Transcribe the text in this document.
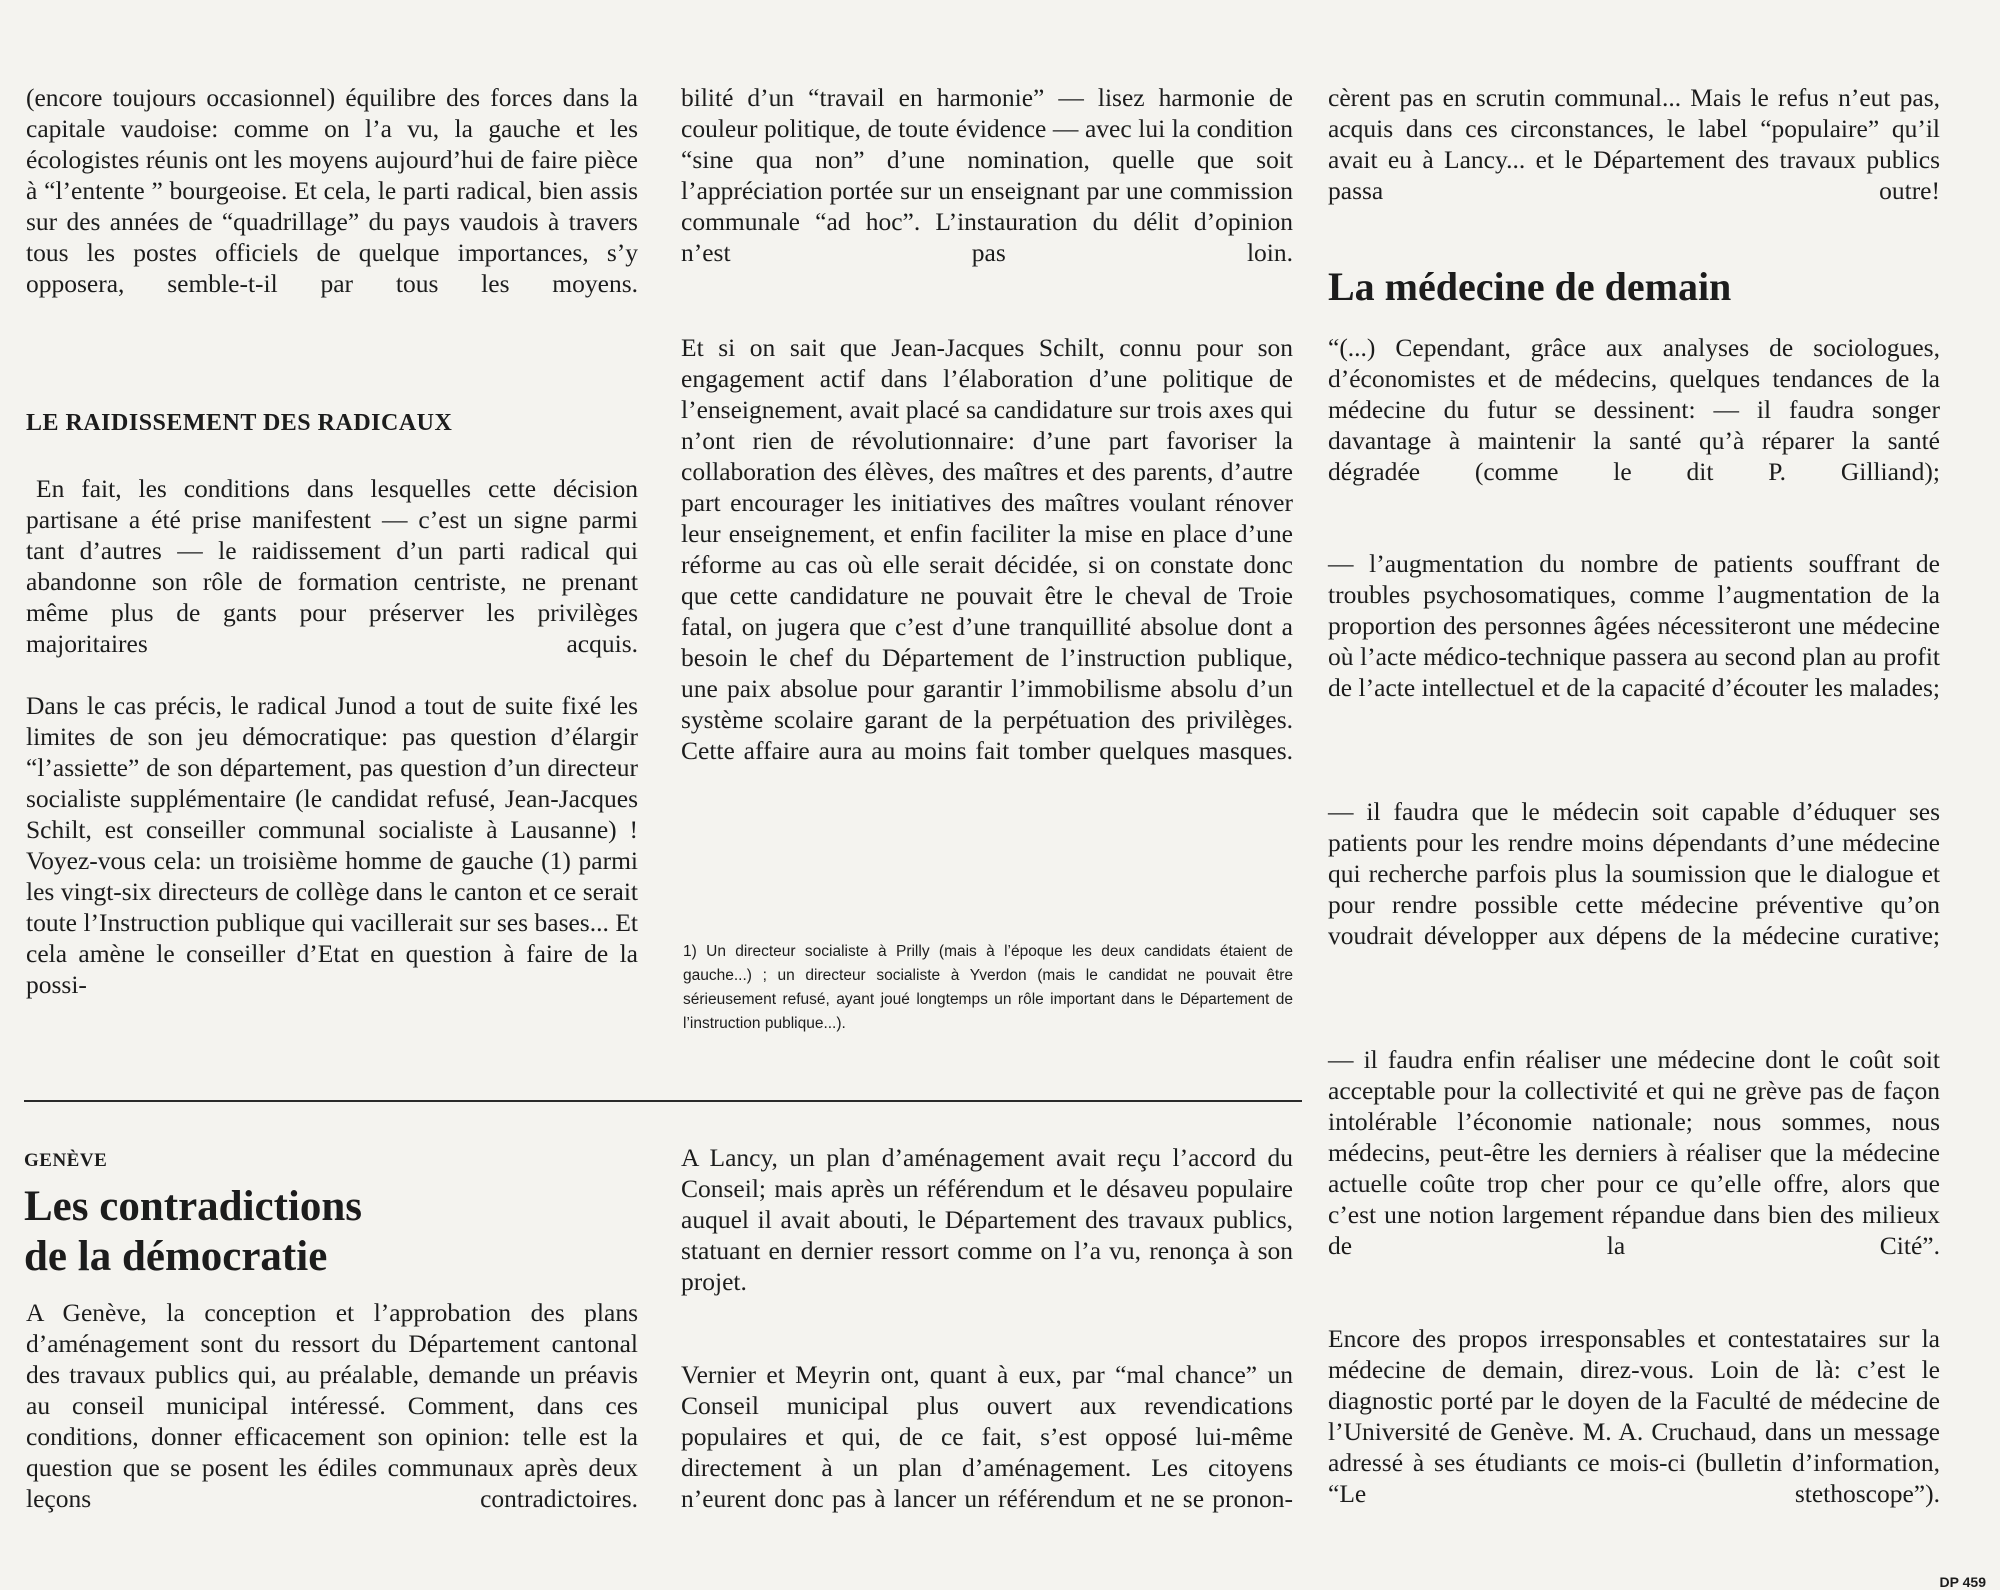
(encore toujours occasionnel) équilibre des forces dans la capitale vaudoise: comme on l’a vu, la gauche et les écologistes réunis ont les moyens aujourd’hui de faire pièce à “l’entente ” bourgeoise. Et cela, le parti radical, bien assis sur des années de “quadrillage” du pays vaudois à travers tous les postes officiels de quelque importances, s’y opposera, semble-t-il par tous les moyens.

LE RAIDISSEMENT DES RADICAUX

En fait, les conditions dans lesquelles cette décision partisane a été prise manifestent — c’est un signe parmi tant d’autres — le raidissement d’un parti radical qui abandonne son rôle de formation centriste, ne prenant même plus de gants pour préserver les privilèges majoritaires acquis.

Dans le cas précis, le radical Junod a tout de suite fixé les limites de son jeu démocratique: pas question d’élargir “l’assiette” de son département, pas question d’un directeur socialiste supplémentaire (le candidat refusé, Jean-Jacques Schilt, est conseiller communal socialiste à Lausanne) ! Voyez-vous cela: un troisième homme de gauche (1) parmi les vingt-six directeurs de collège dans le canton et ce serait toute l’Instruction publique qui vacillerait sur ses bases... Et cela amène le conseiller d’Etat en question à faire de la possi-

bilité d’un “travail en harmonie” — lisez harmonie de couleur politique, de toute évidence — avec lui la condition “sine qua non” d’une nomination, quelle que soit l’appréciation portée sur un enseignant par une commission communale “ad hoc”. L’instauration du délit d’opinion n’est pas loin.

Et si on sait que Jean-Jacques Schilt, connu pour son engagement actif dans l’élaboration d’une politique de l’enseignement, avait placé sa candidature sur trois axes qui n’ont rien de révolutionnaire: d’une part favoriser la collaboration des élèves, des maîtres et des parents, d’autre part encourager les initiatives des maîtres voulant rénover leur enseignement, et enfin faciliter la mise en place d’une réforme au cas où elle serait décidée, si on constate donc que cette candidature ne pouvait être le cheval de Troie fatal, on jugera que c’est d’une tranquillité absolue dont a besoin le chef du Département de l’instruction publique, une paix absolue pour garantir l’immobilisme absolu d’un système scolaire garant de la perpétuation des privilèges. Cette affaire aura au moins fait tomber quelques masques.

1) Un directeur socialiste à Prilly (mais à l’époque les deux candidats étaient de gauche...) ; un directeur socialiste à Yverdon (mais le candidat ne pouvait être sérieusement refusé, ayant joué longtemps un rôle important dans le Département de l’instruction publique...).

cèrent pas en scrutin communal... Mais le refus n’eut pas, acquis dans ces circonstances, le label “populaire” qu’il avait eu à Lancy... et le Département des travaux publics passa outre!

La médecine de demain

“(...) Cependant, grâce aux analyses de sociologues, d’économistes et de médecins, quelques tendances de la médecine du futur se dessinent: — il faudra songer davantage à maintenir la santé qu’à réparer la santé dégradée (comme le dit P. Gilliand);

— l’augmentation du nombre de patients souffrant de troubles psychosomatiques, comme l’augmentation de la proportion des personnes âgées nécessiteront une médecine où l’acte médico-technique passera au second plan au profit de l’acte intellectuel et de la capacité d’écouter les malades;

— il faudra que le médecin soit capable d’éduquer ses patients pour les rendre moins dépendants d’une médecine qui recherche parfois plus la soumission que le dialogue et pour rendre possible cette médecine préventive qu’on voudrait développer aux dépens de la médecine curative;

— il faudra enfin réaliser une médecine dont le coût soit acceptable pour la collectivité et qui ne grève pas de façon intolérable l’économie nationale; nous sommes, nous médecins, peut-être les derniers à réaliser que la médecine actuelle coûte trop cher pour ce qu’elle offre, alors que c’est une notion largement répandue dans bien des milieux de la Cité”.

Encore des propos irresponsables et contestataires sur la médecine de demain, direz-vous. Loin de là: c’est le diagnostic porté par le doyen de la Faculté de médecine de l’Université de Genève. M. A. Cruchaud, dans un message adressé à ses étudiants ce mois-ci (bulletin d’information, “Le stethoscope”).

GENÈVE

Les contradictions

de la démocratie

A Genève, la conception et l’approbation des plans d’aménagement sont du ressort du Département cantonal des travaux publics qui, au préalable, demande un préavis au conseil municipal intéressé. Comment, dans ces conditions, donner efficacement son opinion: telle est la question que se posent les édiles communaux après deux leçons contradictoires.

A Lancy, un plan d’aménagement avait reçu l’accord du Conseil; mais après un référendum et le désaveu populaire auquel il avait abouti, le Département des travaux publics, statuant en dernier ressort comme on l’a vu, renonça à son projet.

Vernier et Meyrin ont, quant à eux, par “mal chance” un Conseil municipal plus ouvert aux revendications populaires et qui, de ce fait, s’est opposé lui-même directement à un plan d’aménagement. Les citoyens n’eurent donc pas à lancer un référendum et ne se pronon-

DP 459
